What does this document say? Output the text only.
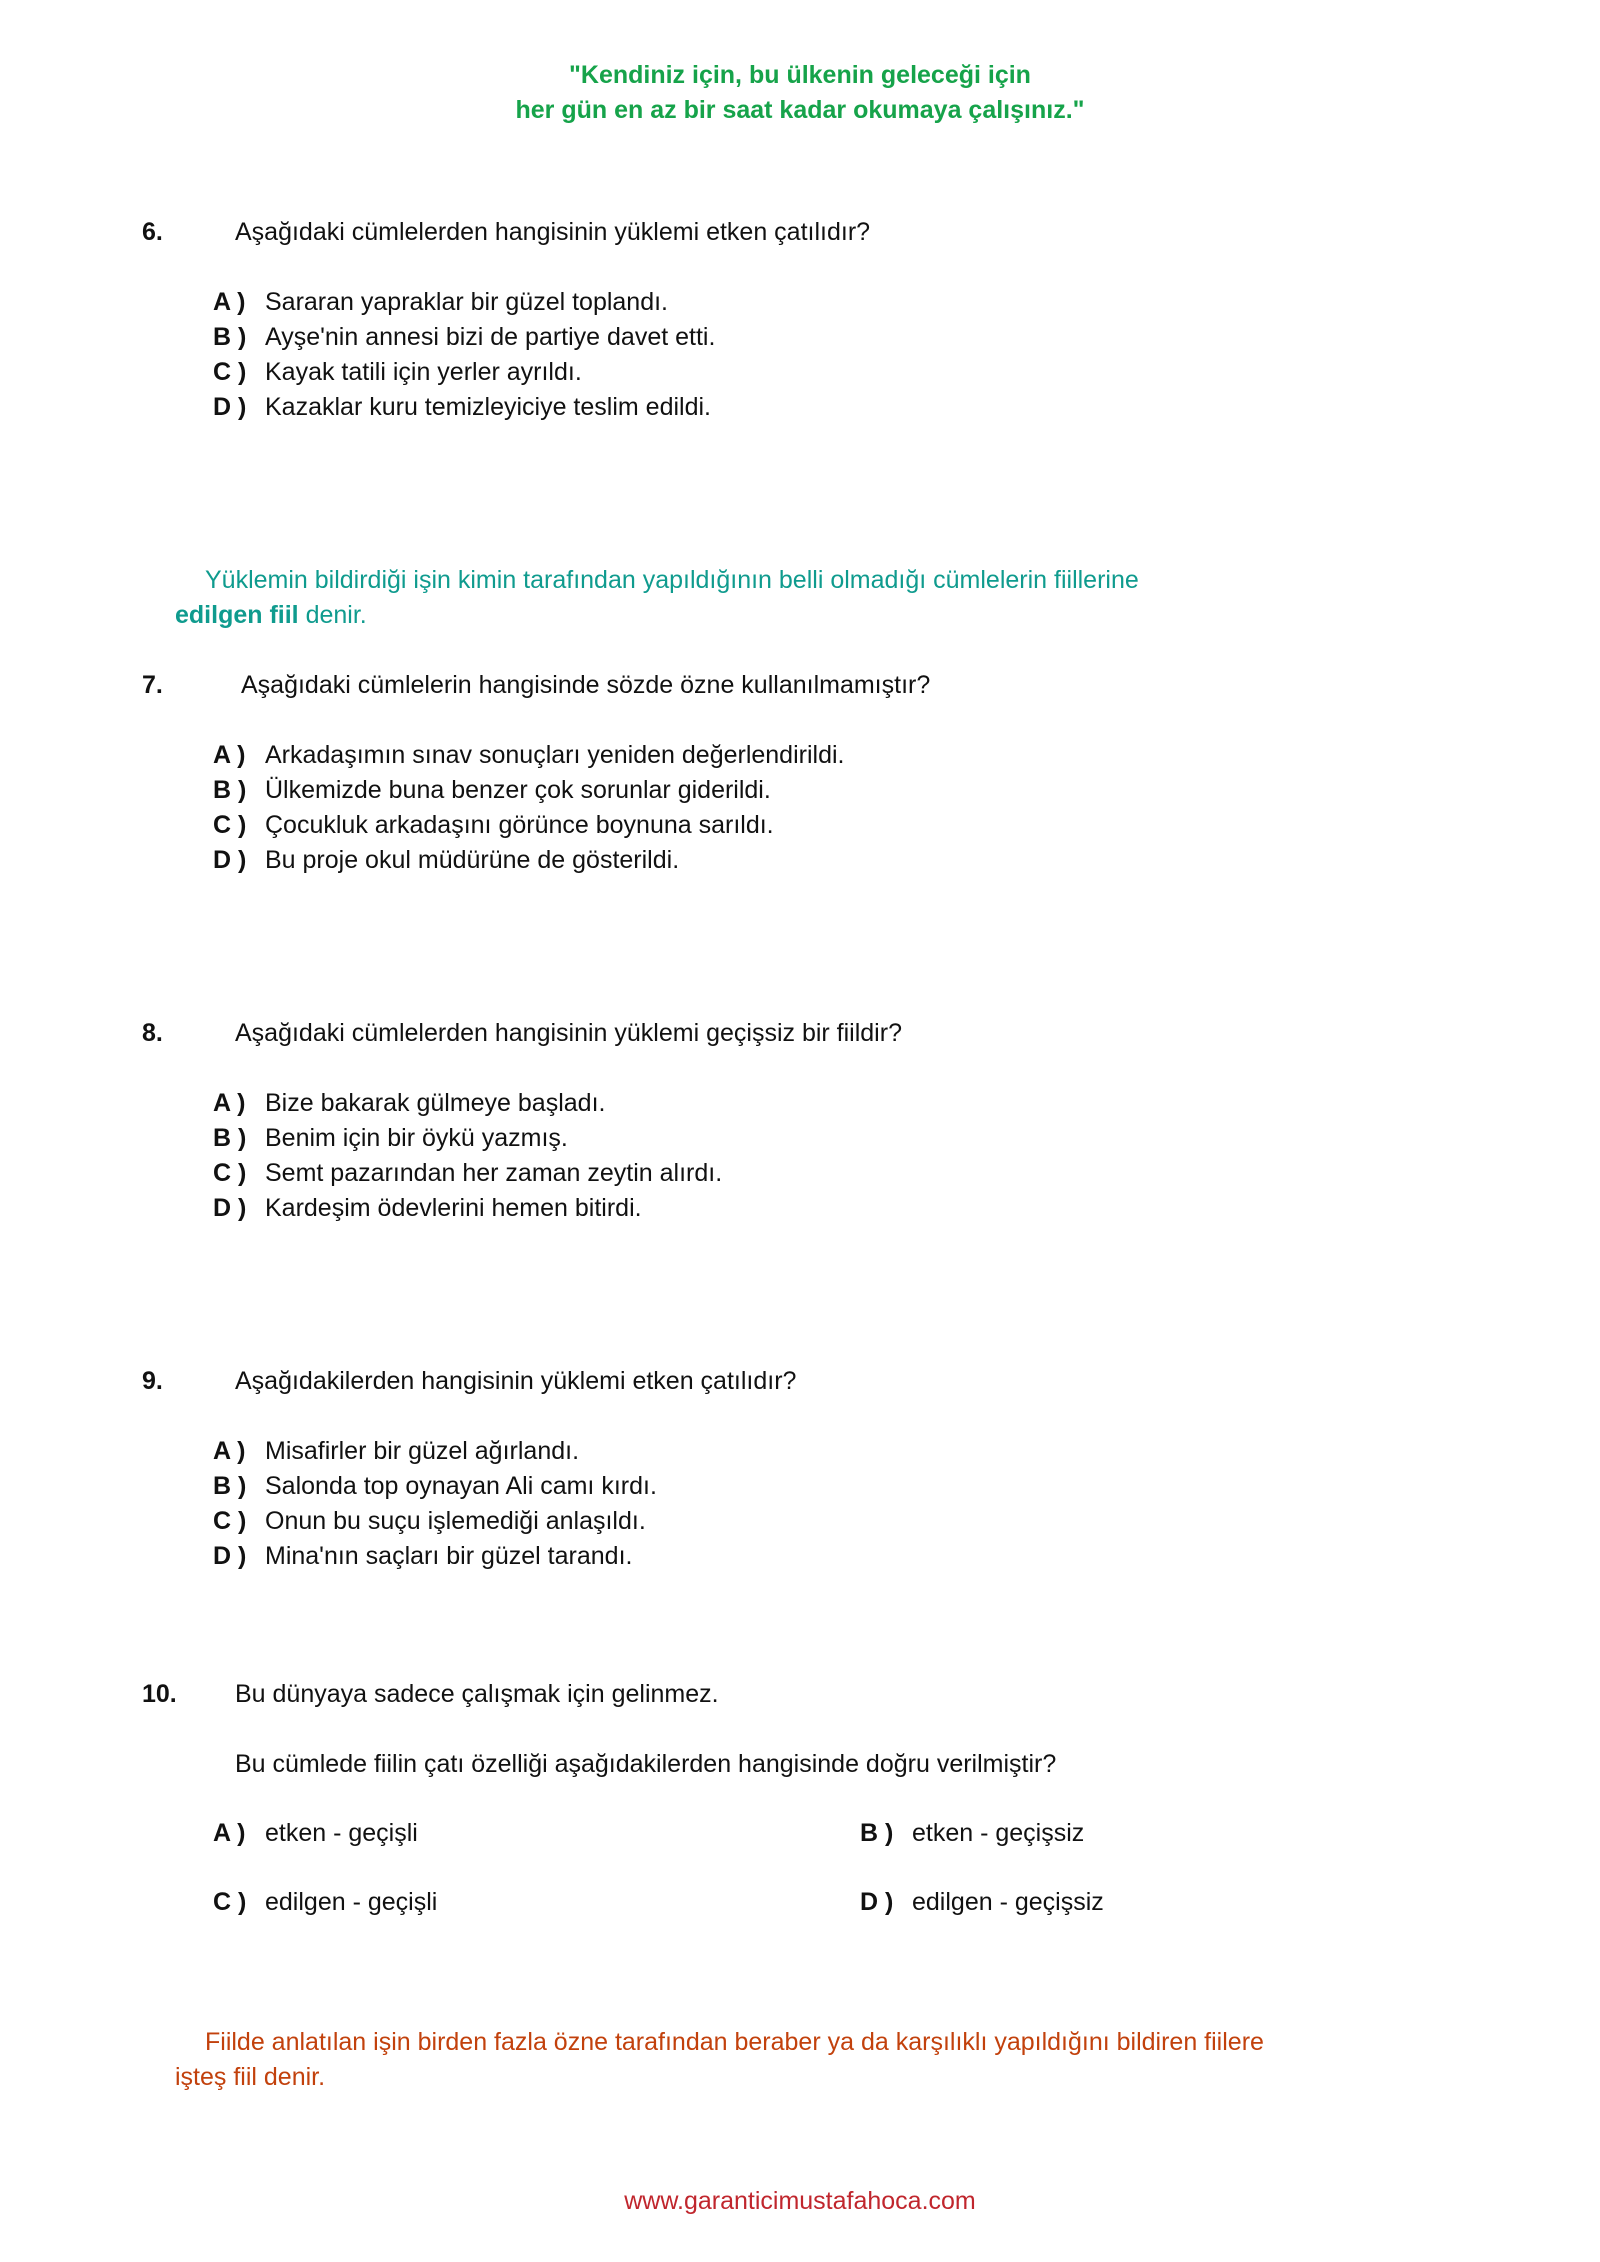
"Kendiniz için, bu ülkenin geleceği için
her gün en az bir saat kadar okumaya çalışınız."
6.	Aşağıdaki cümlelerden hangisinin yüklemi etken çatılıdır?
A ) Sararan yapraklar bir güzel toplandı.
B ) Ayşe'nin annesi bizi de partiye davet etti.
C ) Kayak tatili için yerler ayrıldı.
D ) Kazaklar kuru temizleyiciye teslim edildi.
Yüklemin bildirdiği işin kimin tarafından yapıldığının belli olmadığı cümlelerin fiillerine
edilgen fiil denir.
7.	Aşağıdaki cümlelerin hangisinde sözde özne kullanılmamıştır?
A ) Arkadaşımın sınav sonuçları yeniden değerlendirildi.
B ) Ülkemizde buna benzer çok sorunlar giderildi.
C ) Çocukluk arkadaşını görünce boynuna sarıldı.
D ) Bu proje okul müdürüne de gösterildi.
8.	Aşağıdaki cümlelerden hangisinin yüklemi geçişsiz bir fiildir?
A ) Bize bakarak gülmeye başladı.
B ) Benim için bir öykü yazmış.
C ) Semt pazarından her zaman zeytin alırdı.
D ) Kardeşim ödevlerini hemen bitirdi.
9.	Aşağıdakilerden hangisinin yüklemi etken çatılıdır?
A ) Misafirler bir güzel ağırlandı.
B ) Salonda top oynayan Ali camı kırdı.
C ) Onun bu suçu işlemediği anlaşıldı.
D ) Mina'nın saçları bir güzel tarandı.
10. Bu dünyaya sadece çalışmak için gelinmez.
Bu cümlede fiilin çatı özelliği aşağıdakilerden hangisinde doğru verilmiştir?
A ) etken - geçişli	B ) etken - geçişsiz
C ) edilgen - geçişli	D ) edilgen - geçişsiz
Fiilde anlatılan işin birden fazla özne tarafından beraber ya da karşılıklı yapıldığını bildiren fiilere
işteş fiil denir.
www.garanticimustafahoca.com
